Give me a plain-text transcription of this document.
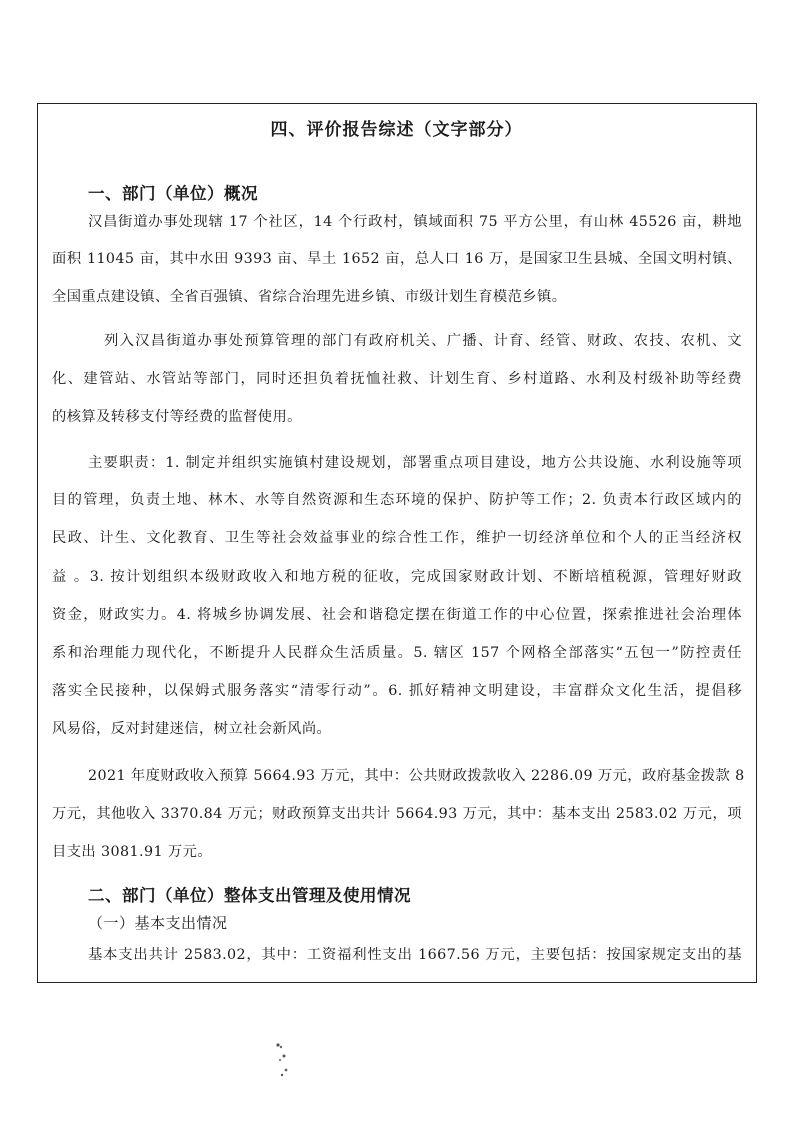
四、评价报告综述（文字部分）
一、部门（单位）概况
汉昌街道办事处现辖 17 个社区，14 个行政村，镇域面积 75 平方公里，有山林 45526 亩，耕地
面积 11045 亩，其中水田 9393 亩、旱土 1652 亩，总人口 16 万，是国家卫生县城、全国文明村镇、
全国重点建设镇、全省百强镇、省综合治理先进乡镇、市级计划生育模范乡镇。
列入汉昌街道办事处预算管理的部门有政府机关、广播、计育、经管、财政、农技、农机、文
化、建管站、水管站等部门，同时还担负着抚恤社救、计划生育、乡村道路、水利及村级补助等经费
的核算及转移支付等经费的监督使用。
主要职责：1. 制定并组织实施镇村建设规划，部署重点项目建设，地方公共设施、水利设施等项
目的管理，负责土地、林木、水等自然资源和生态环境的保护、防护等工作；2. 负责本行政区域内的
民政、计生、文化教育、卫生等社会效益事业的综合性工作，维护一切经济单位和个人的正当经济权
益 。3. 按计划组织本级财政收入和地方税的征收，完成国家财政计划、不断培植税源，管理好财政
资金，财政实力。4. 将城乡协调发展、社会和谐稳定摆在街道工作的中心位置，探索推进社会治理体
系和治理能力现代化，不断提升人民群众生活质量。5. 辖区 157 个网格全部落实“五包一”防控责任
落实全民接种，以保姆式服务落实“清零行动”。6. 抓好精神文明建设，丰富群众文化生活，提倡移
风易俗，反对封建迷信，树立社会新风尚。
2021 年度财政收入预算 5664.93 万元，其中：公共财政拨款收入 2286.09 万元，政府基金拨款 8
万元，其他收入 3370.84 万元；财政预算支出共计 5664.93 万元，其中：基本支出 2583.02 万元，项
目支出 3081.91 万元。
二、部门（单位）整体支出管理及使用情况
（一）基本支出情况
基本支出共计 2583.02，其中：工资福利性支出 1667.56 万元，主要包括：按国家规定支出的基
